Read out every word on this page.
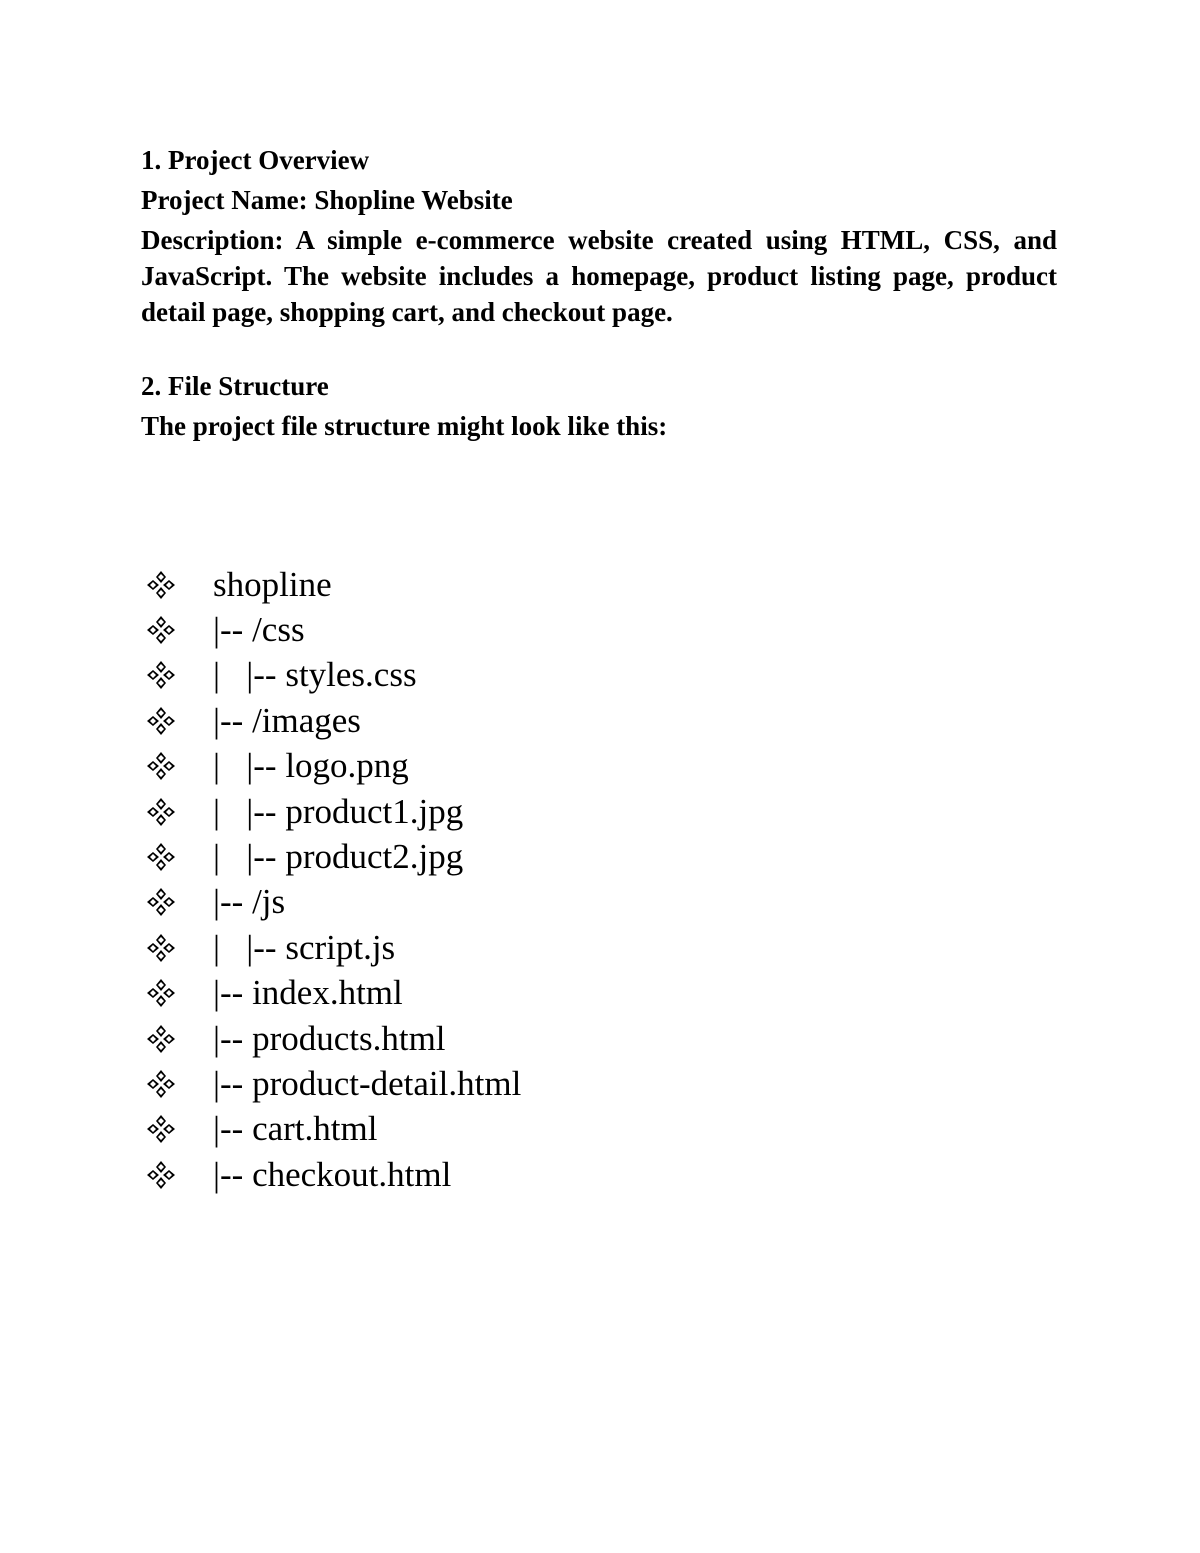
1. Project Overview

Project Name: Shopline Website

Description: A simple e-commerce website created using HTML, CSS, and JavaScript. The website includes a homepage, product listing page, product detail page, shopping cart, and checkout page.

2. File Structure

The project file structure might look like this:

shopline
|-- /css
|   |-- styles.css
|-- /images
|   |-- logo.png
|   |-- product1.jpg
|   |-- product2.jpg
|-- /js
|   |-- script.js
|-- index.html
|-- products.html
|-- product-detail.html
|-- cart.html
|-- checkout.html
